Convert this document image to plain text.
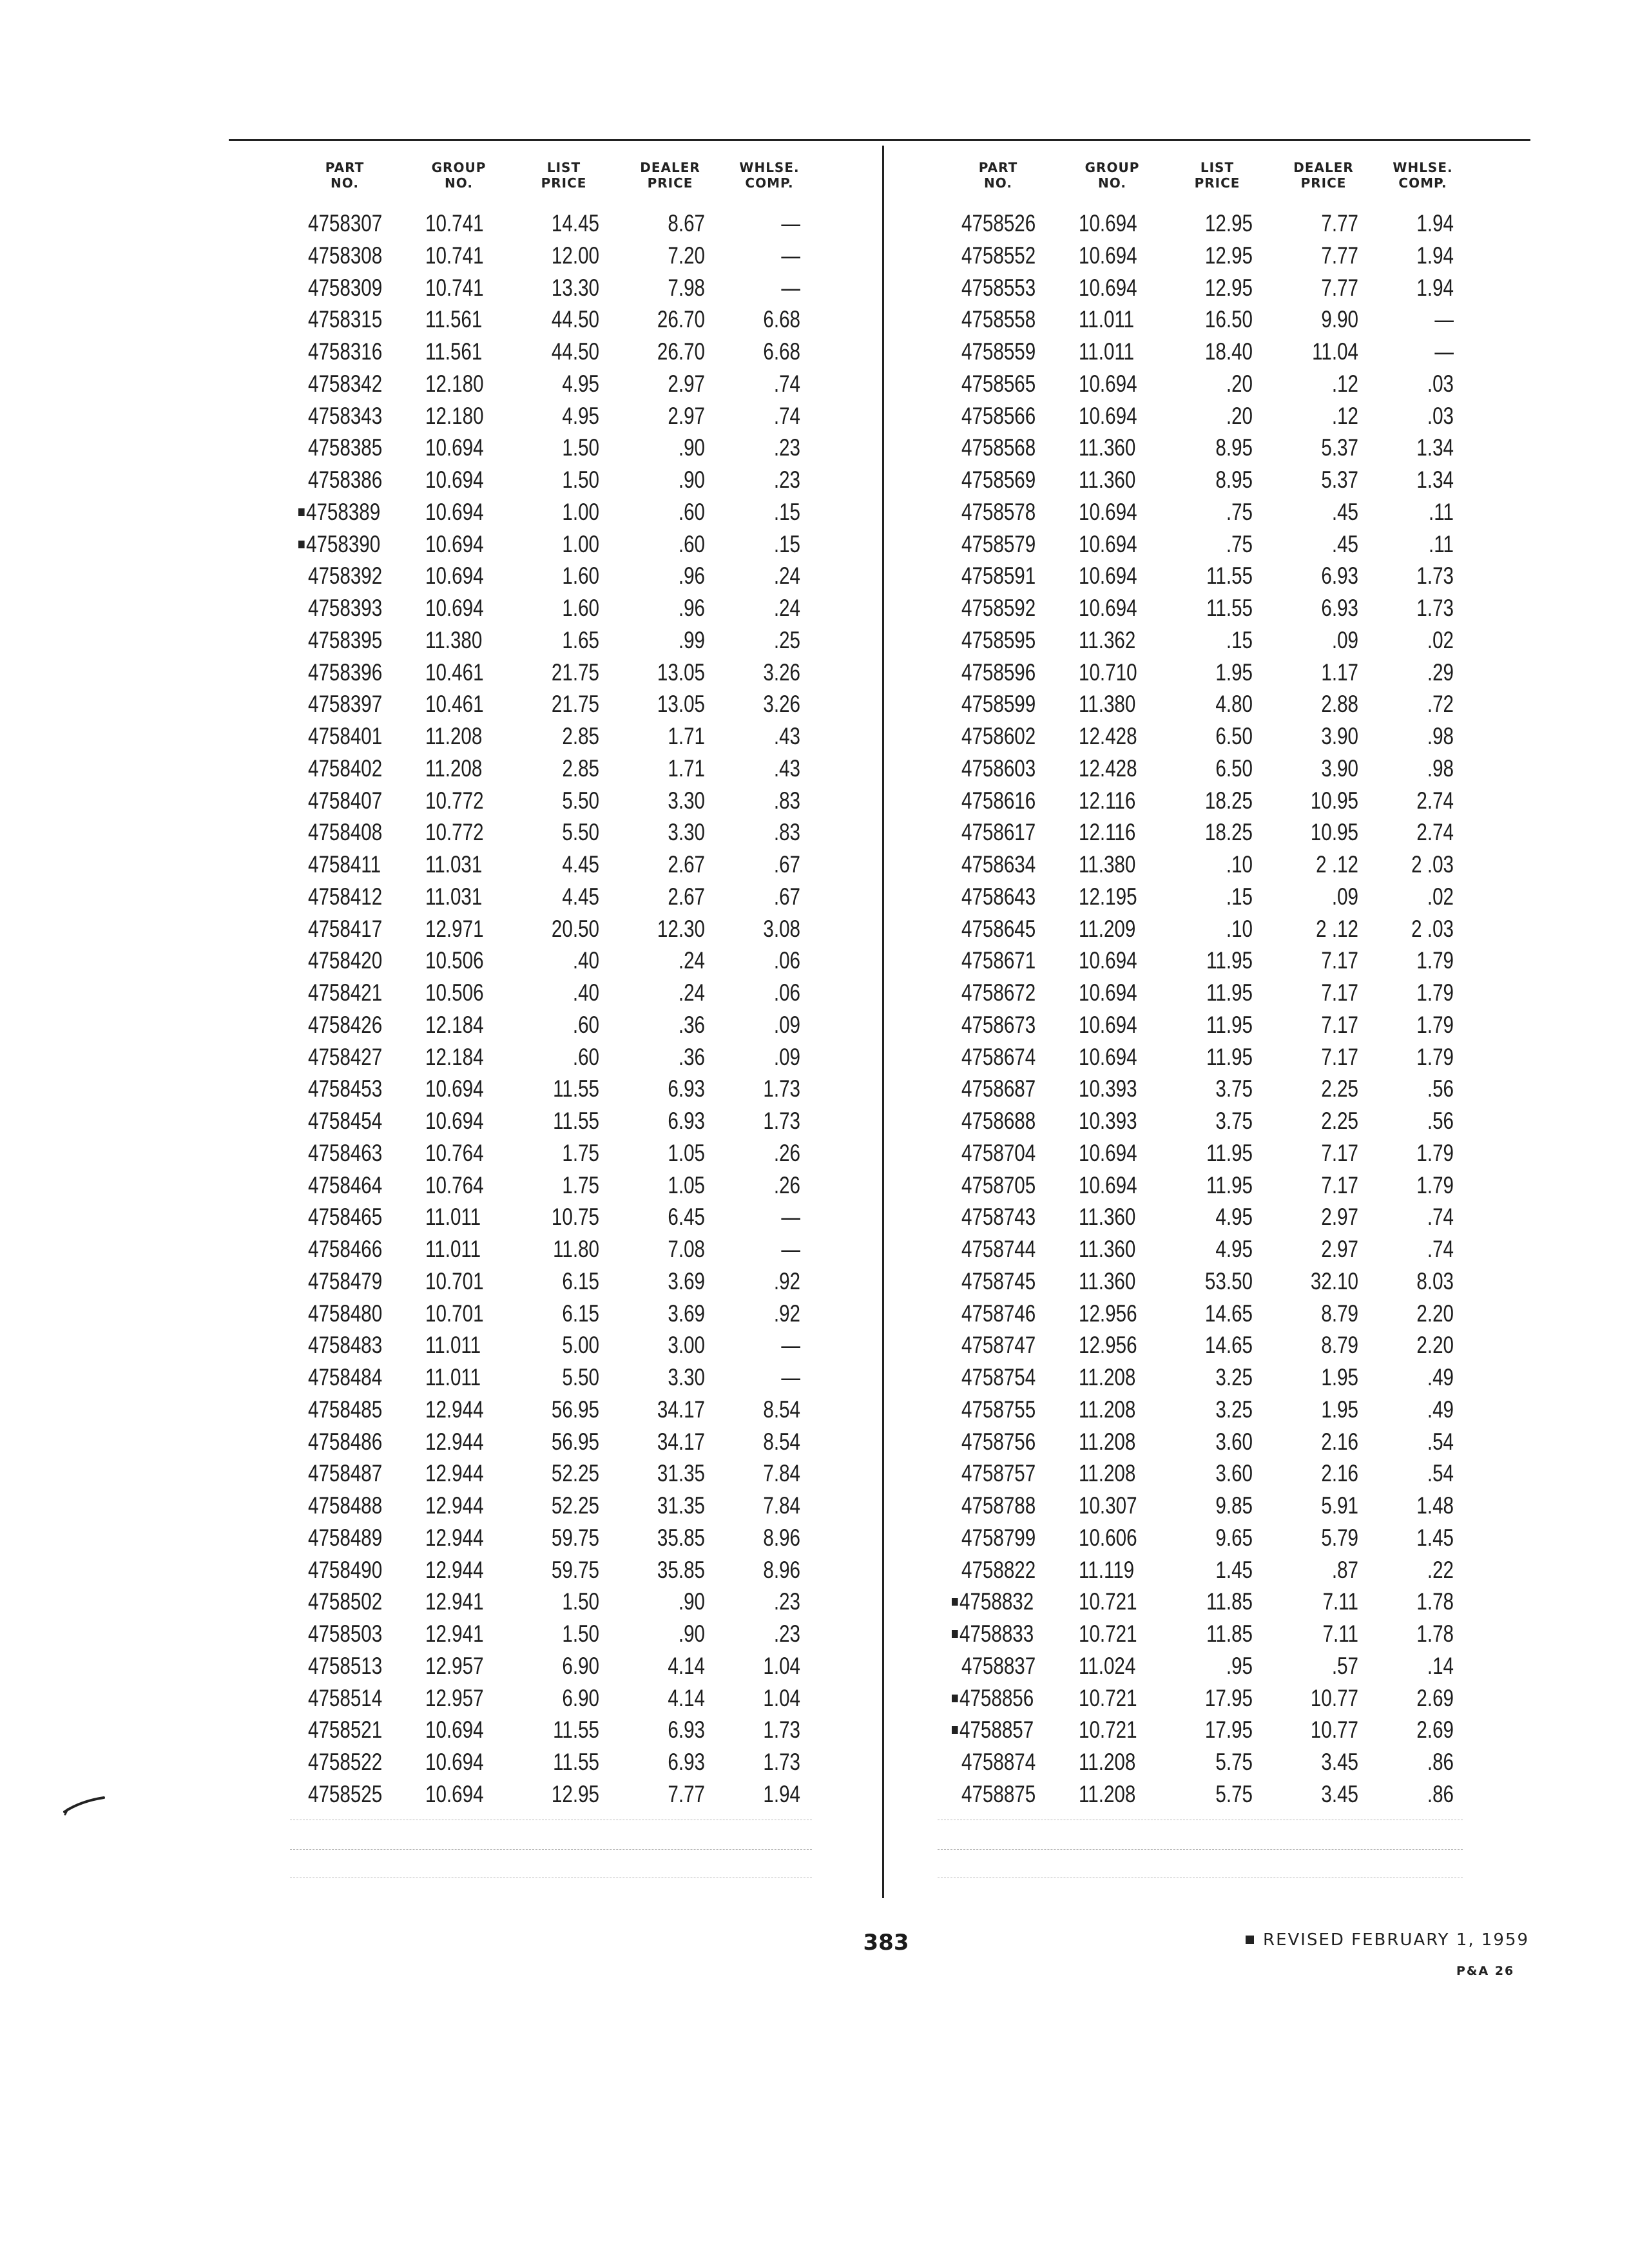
PART
NO.
GROUP
NO.
LIST
PRICE
DEALER
PRICE
WHLSE.
COMP.
4758307 10.741	14.45	8.67	—
4758308 10.741	12.00	7.20	—
4758309 10.741	13.30	7.98	—
4758315 11.561	44.50	26.70	6.68
4758316 11.561	44.50	26.70	6.68
4758342 12.180	4.95	2.97	.74
4758343 12.180	4.95	2.97	.74
4758385 10.694	1.50	.90	.23
4758386 10.694	1.50	.90	.23
4758389 10.694	1.00	.60	.15
4758390 10.694	1.00	.60	.15
4758392 10.694	1.60	.96	.24
4758393 10.694	1.60	.96	.24
4758395 11.380	1.65	.99	.25
4758396 10.461	21.75	13.05	3.26
4758397 10.461	21.75	13.05	3.26
4758401 11.208	2.85	1.71	.43
4758402 11.208	2.85	1.71	.43
4758407 10.772	5.50	3.30	.83
4758408 10.772	5.50	3.30	.83
4758411 11.031	4.45	2.67	.67
4758412 11.031	4.45	2.67	.67
4758417 12.971	20.50	12.30	3.08
4758420 10.506	.40	.24	.06
4758421 10.506	.40	.24	.06
4758426 12.184	.60	.36	.09
4758427 12.184	.60	.36	.09
4758453 10.694	11.55	6.93	1.73
4758454 10.694	11.55	6.93	1.73
4758463 10.764	1.75	1.05	.26
4758464 10.764	1.75	1.05	.26
4758465 11.011	10.75	6.45	—
4758466 11.011	11.80	7.08	—
4758479 10.701	6.15	3.69	.92
4758480 10.701	6.15	3.69	.92
4758483 11.011	5.00	3.00	—
4758484 11.011	5.50	3.30	—
4758485 12.944	56.95	34.17	8.54
4758486 12.944	56.95	34.17	8.54
4758487 12.944	52.25	31.35	7.84
4758488 12.944	52.25	31.35	7.84
4758489 12.944	59.75	35.85	8.96
4758490 12.944	59.75	35.85	8.96
4758502 12.941	1.50	.90	.23
4758503 12.941	1.50	.90	.23
4758513 12.957	6.90	4.14	1.04
4758514 12.957	6.90	4.14	1.04
4758521 10.694	11.55	6.93	1.73
4758522 10.694	11.55	6.93	1.73
4758525 10.694	12.95	7.77	1.94
PART
NO.
GROUP
NO.
LIST
PRICE
DEALER
PRICE
WHLSE.
COMP.
4758526 10.694	12.95	7.77	1.94
4758552 10.694	12.95	7.77	1.94
4758553 10.694	12.95	7.77	1.94
4758558 11.011	16.50	9.90	—
4758559 11.011	18.40	11.04	—
4758565 10.694	.20	.12	.03
4758566 10.694	.20	.12	.03
4758568 11.360	8.95	5.37	1.34
4758569 11.360	8.95	5.37	1.34
4758578 10.694	.75	.45	.11
4758579 10.694	.75	.45	.11
4758591 10.694	11.55	6.93	1.73
4758592 10.694	11.55	6.93	1.73
4758595 11.362	.15	.09	.02
4758596 10.710	1.95	1.17	.29
4758599 11.380	4.80	2.88	.72
4758602 12.428	6.50	3.90	.98
4758603 12.428	6.50	3.90	.98
4758616 12.116	18.25	10.95	2.74
4758617 12.116	18.25	10.95	2.74
4758634 11.380	.10	2 .12	2 .03
4758643 12.195	.15	.09	.02
4758645 11.209	.10	2 .12	2 .03
4758671 10.694	11.95	7.17	1.79
4758672 10.694	11.95	7.17	1.79
4758673 10.694	11.95	7.17	1.79
4758674 10.694	11.95	7.17	1.79
4758687 10.393	3.75	2.25	.56
4758688 10.393	3.75	2.25	.56
4758704 10.694	11.95	7.17	1.79
4758705 10.694	11.95	7.17	1.79
4758743 11.360	4.95	2.97	.74
4758744 11.360	4.95	2.97	.74
4758745 11.360	53.50	32.10	8.03
4758746 12.956	14.65	8.79	2.20
4758747 12.956	14.65	8.79	2.20
4758754 11.208	3.25	1.95	.49
4758755 11.208	3.25	1.95	.49
4758756 11.208	3.60	2.16	.54
4758757 11.208	3.60	2.16	.54
4758788 10.307	9.85	5.91	1.48
4758799 10.606	9.65	5.79	1.45
4758822 11.119	1.45	.87	.22
4758832 10.721	11.85	7.11	1.78
4758833 10.721	11.85	7.11	1.78
4758837 11.024	.95	.57	.14
4758856 10.721	17.95	10.77	2.69
4758857 10.721	17.95	10.77	2.69
4758874 11.208	5.75	3.45	.86
4758875 11.208	5.75	3.45	.86
383	REVISED FEBRUARY 1, 1959
P&A 26
